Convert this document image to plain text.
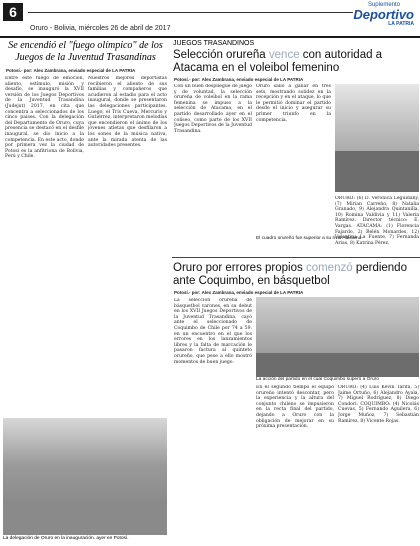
6
Oruro - Bolivia, miércoles 26 de abril de 2017
Suplemento
Deportivo
LA PATRIA
Se encendió el "fuego olímpico" de los Juegos de la Juventud Trasandinas
Potosí.- por: Alex Zambrana, enviado especial de LA PATRIA
Entre este fuego de emoción, aliento, estímulo, misión y desafío, se inauguró la XVII versión de los Juegos Deportivos de la Juventud Trasandina (Judejut) 2017, en cita que concentra a seleccionados de los cinco países. Con la delegación del Departamento de Oruro, cuya presencia se destacó en el desfile inaugural, se dio inicio a la competencia. En este acto, donde por primera vez la ciudad de Potosí es la anfitriona de Bolivia, Perú y Chile.
Nuestros mejores deportistas recibieron el aliento de sus familias y compañeros que acudieron al estadio para el acto inaugural, donde se presentaron las delegaciones participantes. Luego, el Tris Cueva, Mercurio y Gutiérrez, interpretaron melodías que encendieron el ánimo de los jóvenes atletas que desfilaron a los sones de la música nativa, ante la mirada atenta de las autoridades presentes.
La delegación de Oruro en la inauguración, ayer en Potosí.
JUEGOS TRASANDINOS
Selección orureña vence con autoridad a Atacama en el voleibol femenino
Potosí.- por: Alex Zambrana, enviado especial de LA PATRIA
Con un buen despliegue de juego y de voluntad, la selección orureña de voleibol en la rama femenina se impuso a la selección de Atacama, en el partido desarrollado ayer en el coliseo, como parte de los XVII Juegos Deportivos de la Juventud Trasandina.
Oruro salió a ganar en tres sets, mostrando solidez en la recepción y en el ataque, lo que le permitió dominar el partido desde el inicio y asegurar su primer triunfo en la competencia.
El cuadro orureño fue superior a su rival Atacama
ORURO: (6) D. Verónica Leguidany, (7) Mirian Carreño, 8) Natalia Granado, 9) Alejandra Quintanilla, 10) Romina Valdivia y 11) Valeria Ramírez. Director técnico: E. Vargas. ATACAMA: (1) Florencia Fajardo, 2) Belén Monardes, 12) Valentina La Fuente, 7) Fernanda Arias, 8) Katrina Pérez.
Oruro por errores propios comenzó perdiendo ante Coquimbo, en básquetbol
Potosí.- por: Alex Zambrana, enviado especial de LA PATRIA
La selección orureña de básquetbol varones, en su debut en los XVII Juegos Deportivos de la Juventud Trasandina, cayó ante el seleccionado de Coquimbo de Chile por 74 a 59, en un encuentro en el que los errores en los lanzamientos libres y la falta de marcación le pasaron factura al quinteto orureño, que pese a ello mostró momentos de buen juego.
La acción del partido en el cual Coquimbo superó a Oruro
En el segundo tiempo el equipo orureño intentó descontar, pero la experiencia y la altura del conjunto chileno se impusieron en la recta final del partido, dejando a Oruro con la obligación de mejorar en su próxima presentación.
ORURO: (4) Luis Kevin Tarifa, 5) Jaime Ortuño, 6) Alejandro Ayala, 7) Miguel Rodríguez, 8) Diego Condori. COQUIMBO: (4) Nicolás Cuevas, 5) Fernando Aguilera, 6) Jorge Muñoz, 7) Sebastián Ramírez, 8) Vicente Rojas.
